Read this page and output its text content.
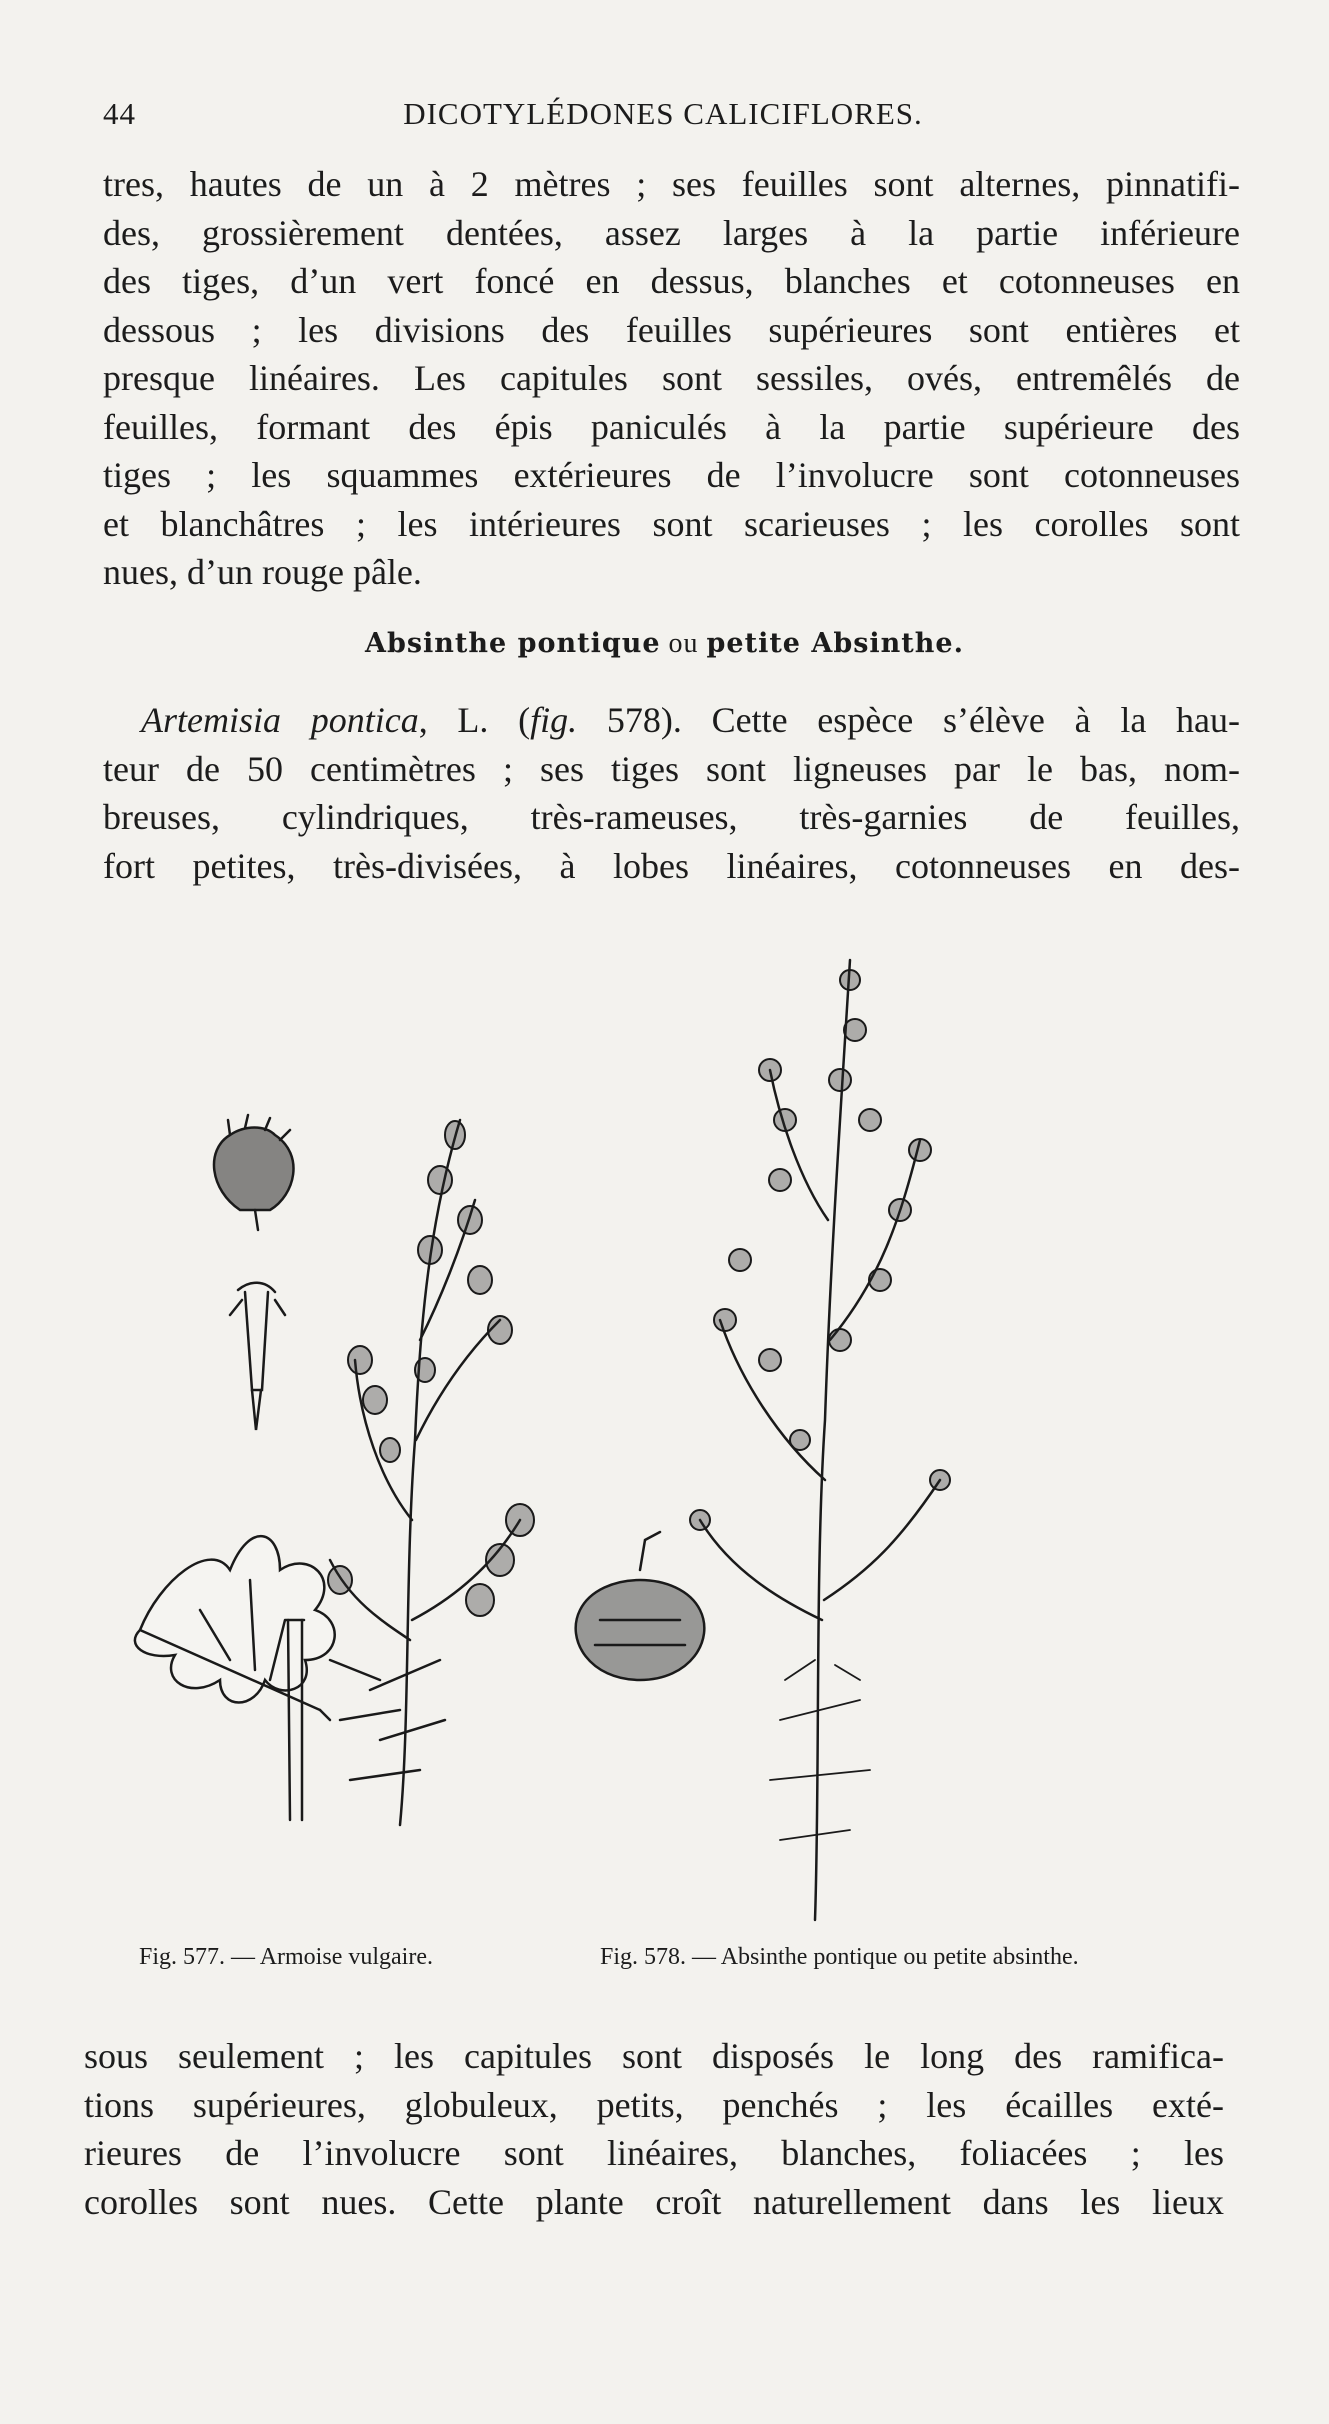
44	DICOTYLÉDONES CALICIFLORES.
tres, hautes de un à 2 mètres ; ses feuilles sont alternes, pinnatifi-
des, grossièrement dentées, assez larges à la partie inférieure
des tiges, d’un vert foncé en dessus, blanches et cotonneuses en
dessous ; les divisions des feuilles supérieures sont entières et
presque linéaires. Les capitules sont sessiles, ovés, entremêlés de
feuilles, formant des épis paniculés à la partie supérieure des
tiges ; les squammes extérieures de l’involucre sont cotonneuses
et blanchâtres ; les intérieures sont scarieuses ; les corolles sont
nues, d’un rouge pâle.
Absinthe pontique ou petite Absinthe.
Artemisia pontica, L. (fig. 578). Cette espèce s’élève à la hau-
teur de 50 centimètres ; ses tiges sont ligneuses par le bas, nom-
breuses, cylindriques, très-rameuses, très-garnies de feuilles,
fort petites, très-divisées, à lobes linéaires, cotonneuses en des-
Fig. 577. — Armoise vulgaire.	Fig. 578. — Absinthe pontique ou petite absinthe.
sous seulement ; les capitules sont disposés le long des ramifica-
tions supérieures, globuleux, petits, penchés ; les écailles exté-
rieures de l’involucre sont linéaires, blanches, foliacées ; les
corolles sont nues. Cette plante croît naturellement dans les lieux
